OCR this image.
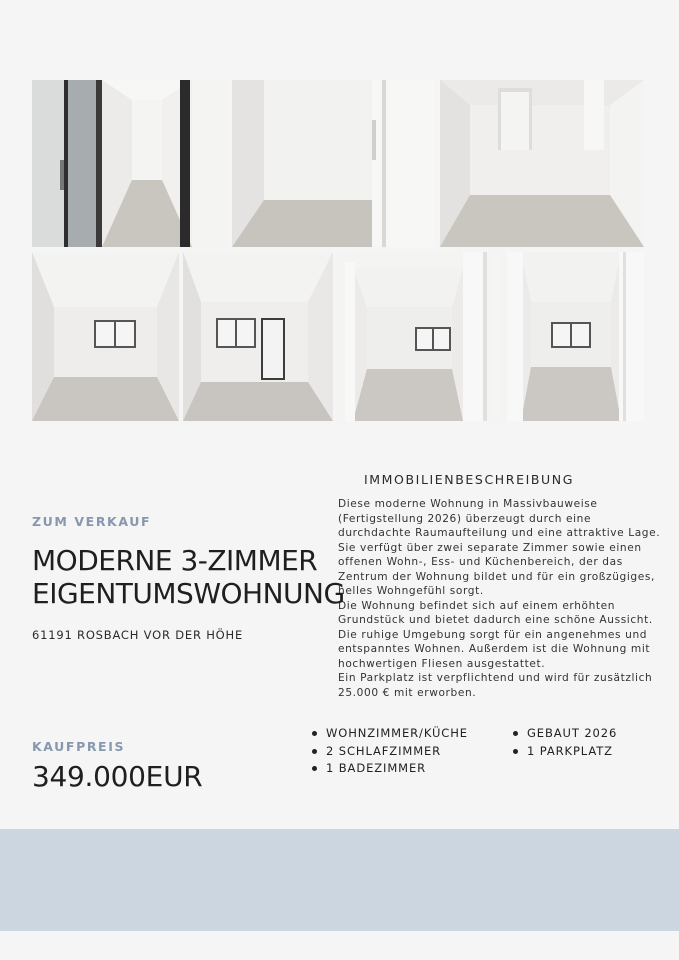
IMMOBILIENBESCHREIBUNG

Diese moderne Wohnung in Massivbauweise (Fertigstellung 2026) überzeugt durch eine durchdachte Raumaufteilung und eine attraktive Lage. Sie verfügt über zwei separate Zimmer sowie einen offenen Wohn-, Ess- und Küchenbereich, der das Zentrum der Wohnung bildet und für ein großzügiges, helles Wohngefühl sorgt.

Die Wohnung befindet sich auf einem erhöhten Grundstück und bietet dadurch eine schöne Aussicht. Die ruhige Umgebung sorgt für ein angenehmes und entspanntes Wohnen. Außerdem ist die Wohnung mit hochwertigen Fliesen ausgestattet.

Ein Parkplatz ist verpflichtend und wird für zusätzlich 25.000 € mit erworben.

ZUM VERKAUF
MODERNE 3-ZIMMER
EIGENTUMSWOHNUNG
61191 ROSBACH VOR DER HÖHE
KAUFPREIS
349.000EUR
WOHNZIMMER/KÜCHE
2 SCHLAFZIMMER
1 BADEZIMMER
GEBAUT 2026
1 PARKPLATZ
